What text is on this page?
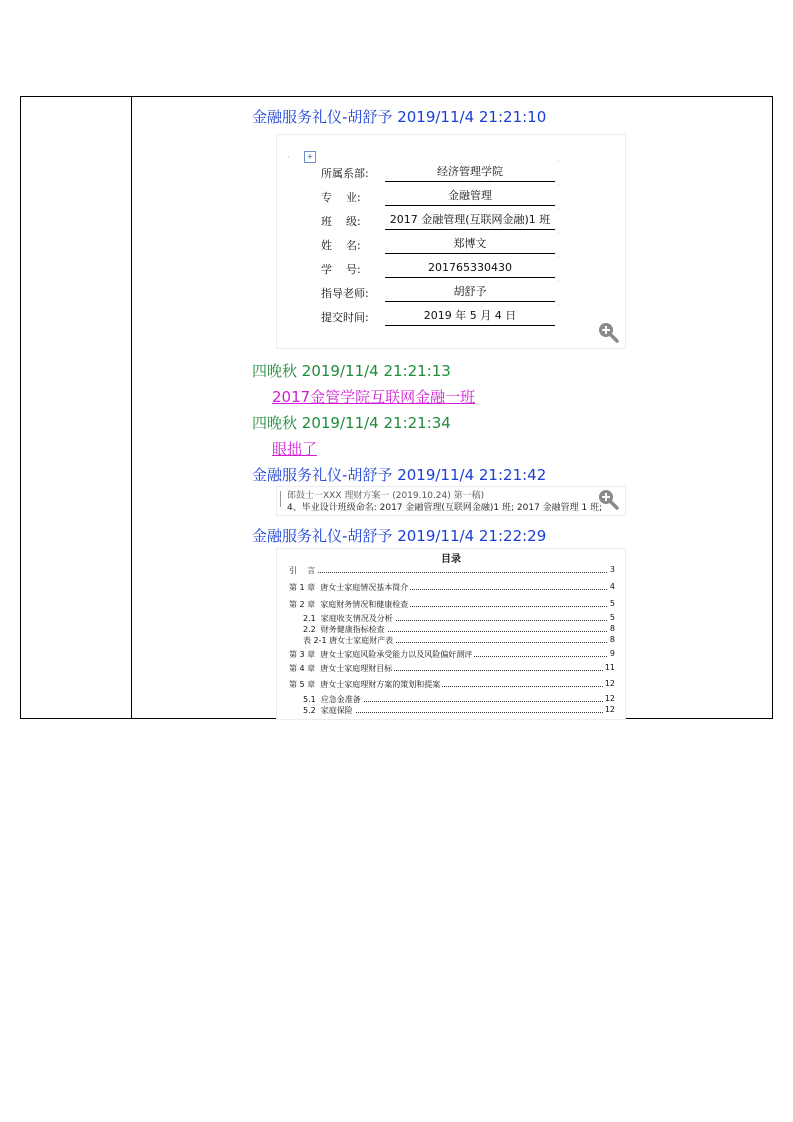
金融服务礼仪-胡舒予 2019/11/4 21:21:10
·	+
所属系部:	经济管理学院
˙
专    业:	金融管理
˙
班    级:	2017 金融管理(互联网金融)1 班
˙
姓    名:	郑博文
˙
学    号:	201765330430
˙
指导老师:	胡舒予
˙
提交时间:	2019 年 5 月 4 日
˙
四晚秋 2019/11/4 21:21:13
2017金管学院互联网金融一班
四晚秋 2019/11/4 21:21:34
眼拙了
金融服务礼仪-胡舒予 2019/11/4 21:21:42
郎鼓士一XXX 理财方案一 (2019.10.24) 第一稿)
4、毕业设计班级命名: 2017 金融管理(互联网金融)1 班; 2017 金融管理 1 班;
金融服务礼仪-胡舒予 2019/11/4 21:22:29
目录
引    言	3
第 1 章  唐女士家庭情况基本简介	4
第 2 章  家庭财务情况和健康检查	5
2.1  家庭收支情况及分析	5
2.2  财务健康指标检查	8
表 2-1 唐女士家庭财产表	8
第 3 章  唐女士家庭风险承受能力以及风险偏好测评	9
第 4 章  唐女士家庭理财目标	11
第 5 章  唐女士家庭理财方案的策划和提案	12
5.1  应急金准备	12
5.2  家庭保险	12
